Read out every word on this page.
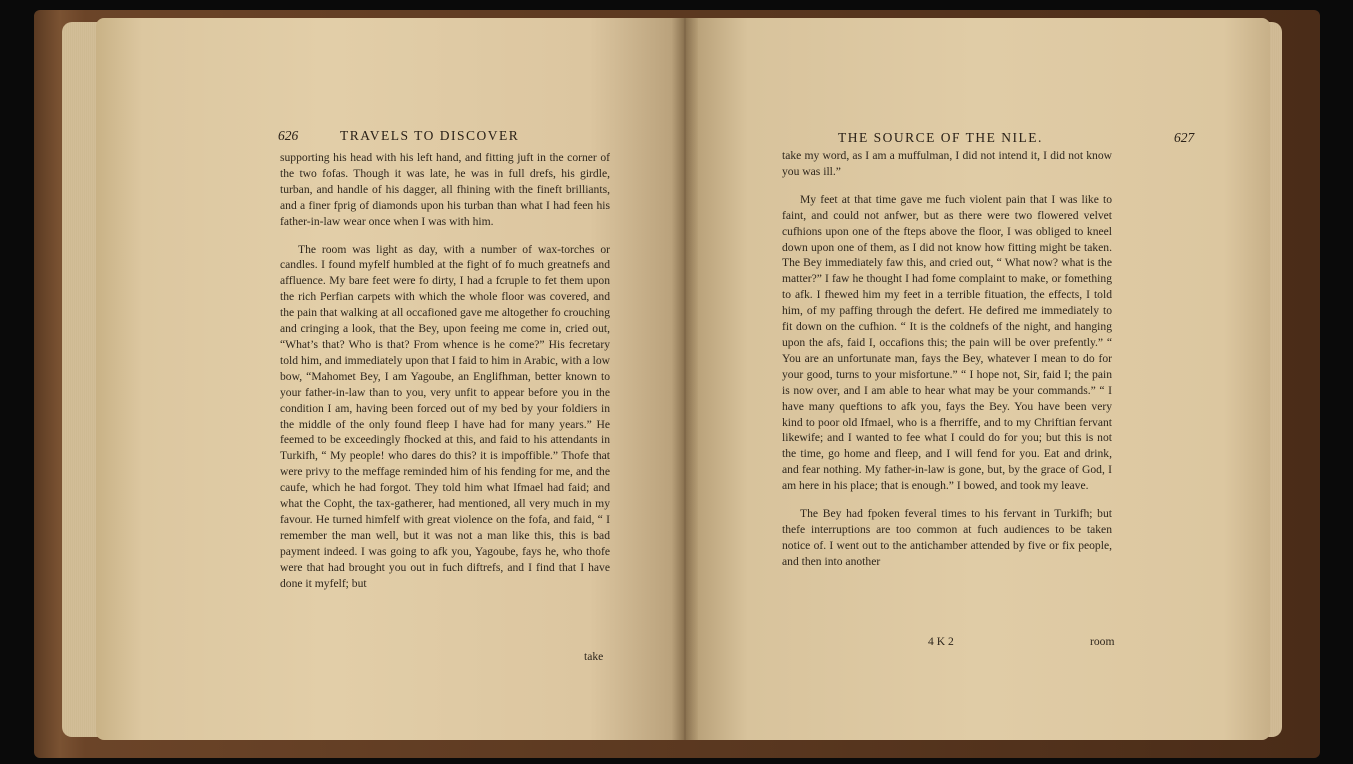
626	TRAVELS TO DISCOVER

supporting his head with his left hand, and fitting juft in the corner of the two fofas. Though it was late, he was in full drefs, his girdle, turban, and handle of his dagger, all fhining with the fineft brilliants, and a finer fprig of diamonds upon his turban than what I had feen his father-in-law wear once when I was with him.

The room was light as day, with a number of wax-torches or candles. I found myfelf humbled at the fight of fo much greatnefs and affluence. My bare feet were fo dirty, I had a fcruple to fet them upon the rich Perfian carpets with which the whole floor was covered, and the pain that walking at all occafioned gave me altogether fo crouching and cringing a look, that the Bey, upon feeing me come in, cried out, “What’s that? Who is that? From whence is he come?” His fecretary told him, and immediately upon that I faid to him in Arabic, with a low bow, “Mahomet Bey, I am Yagoube, an Englifhman, better known to your father-in-law than to you, very unfit to appear before you in the condition I am, having been forced out of my bed by your foldiers in the middle of the only found fleep I have had for many years.” He feemed to be exceedingly fhocked at this, and faid to his attendants in Turkifh, “ My people! who dares do this? it is impoffible.” Thofe that were privy to the meffage reminded him of his fending for me, and the caufe, which he had forgot. They told him what Ifmael had faid; and what the Copht, the tax-gatherer, had mentioned, all very much in my favour. He turned himfelf with great violence on the fofa, and faid, “ I remember the man well, but it was not a man like this, this is bad payment indeed. I was going to afk you, Yagoube, fays he, who thofe were that had brought you out in fuch diftrefs, and I find that I have done it myfelf; but

take
THE SOURCE OF THE NILE.	627

take my word, as I am a muffulman, I did not intend it, I did not know you was ill.”

My feet at that time gave me fuch violent pain that I was like to faint, and could not anfwer, but as there were two flowered velvet cufhions upon one of the fteps above the floor, I was obliged to kneel down upon one of them, as I did not know how fitting might be taken. The Bey immediately faw this, and cried out, “ What now? what is the matter?” I faw he thought I had fome complaint to make, or fomething to afk. I fhewed him my feet in a terrible fituation, the effects, I told him, of my paffing through the defert. He defired me immediately to fit down on the cufhion. “ It is the coldnefs of the night, and hanging upon the afs, faid I, occafions this; the pain will be over prefently.” “ You are an unfortunate man, fays the Bey, whatever I mean to do for your good, turns to your misfortune.” “ I hope not, Sir, faid I; the pain is now over, and I am able to hear what may be your commands.” “ I have many queftions to afk you, fays the Bey. You have been very kind to poor old Ifmael, who is a fherriffe, and to my Chriftian fervant likewife; and I wanted to fee what I could do for you; but this is not the time, go home and fleep, and I will fend for you. Eat and drink, and fear nothing. My father-in-law is gone, but, by the grace of God, I am here in his place; that is enough.” I bowed, and took my leave.

The Bey had fpoken feveral times to his fervant in Turkifh; but thefe interruptions are too common at fuch audiences to be taken notice of. I went out to the antichamber attended by five or fix people, and then into another

4 K 2	room
